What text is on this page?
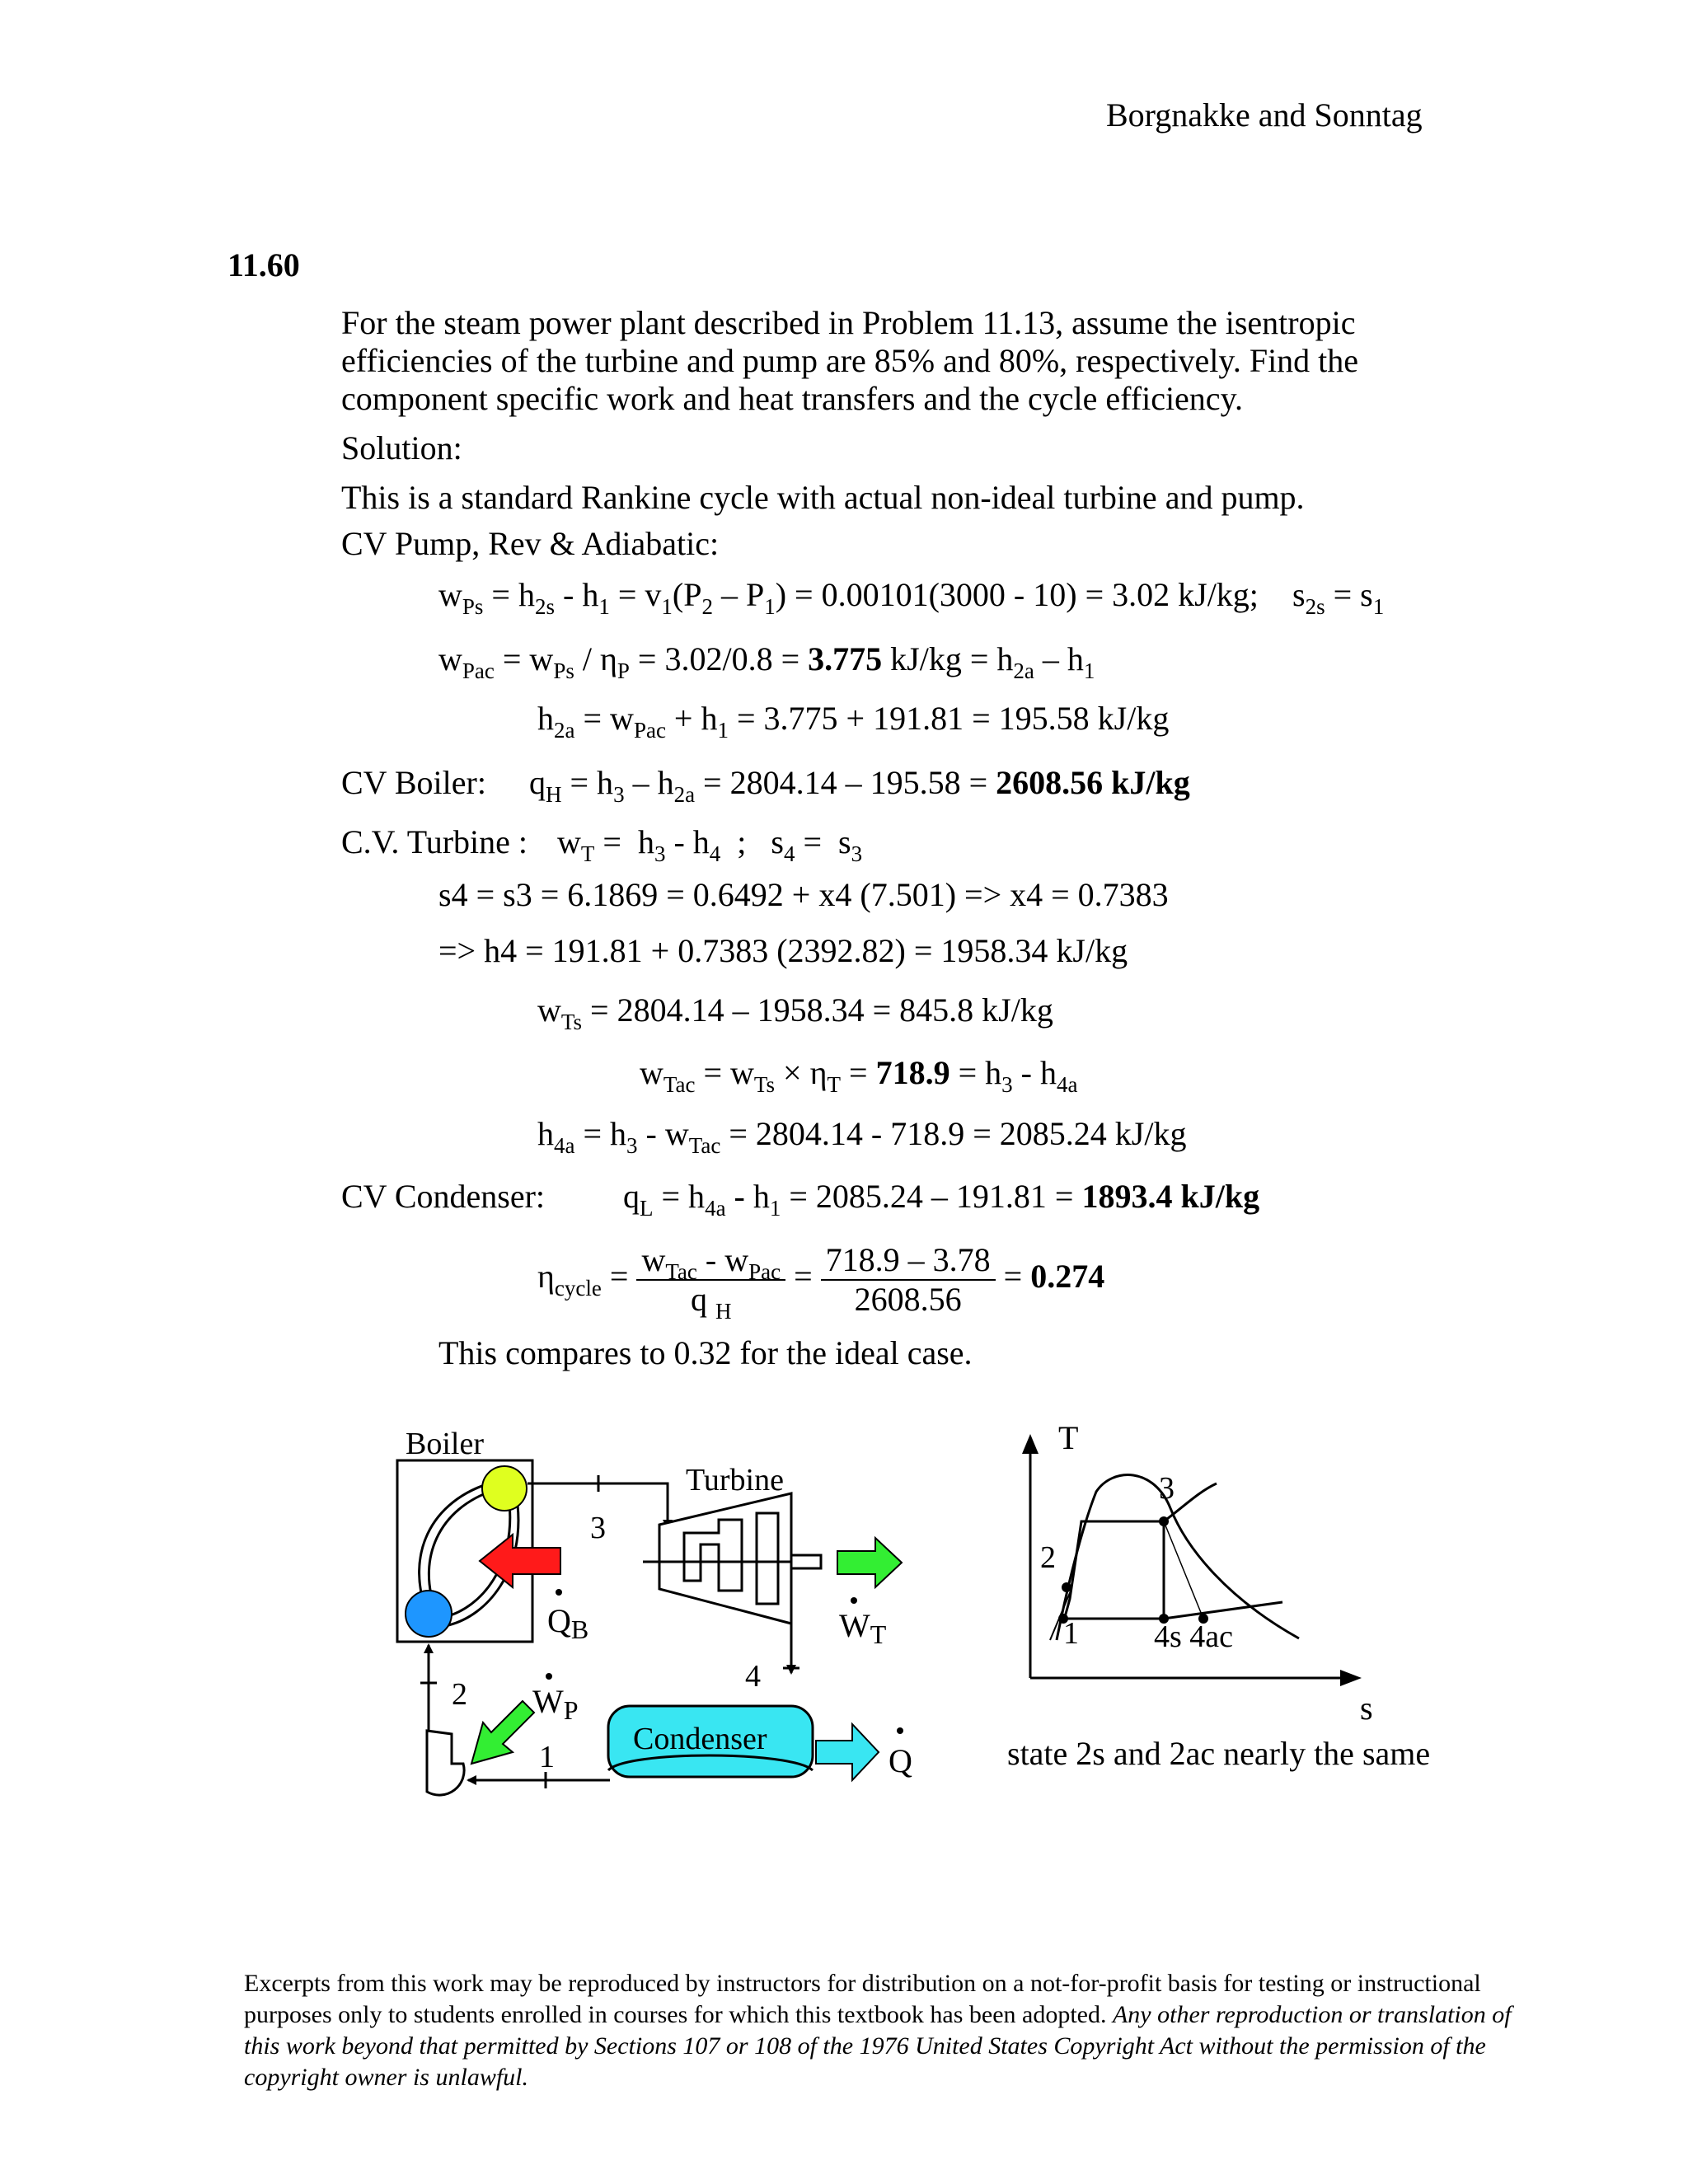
Borgnakke and Sonntag
11.60
For the steam power plant described in Problem 11.13, assume the isentropic
efficiencies of the turbine and pump are 85% and 80%, respectively. Find the
component specific work and heat transfers and the cycle efficiency.
Solution:
This is a standard Rankine cycle with actual non-ideal turbine and pump.
CV Pump, Rev & Adiabatic:
$w_{Ps} = h_{2s} - h_1 = v_1(P_2 - P_1) = 0.00101(3000 - 10) = 3.02$ kJ/kg; $s_{2s} = s_1$
$w_{Pac} = w_{Ps} / \eta_P = 3.02/0.8 = 3.775$ $kJ/kg = h_{2a} - h_1$
$h_{2a} = w_{Pac} + h_1 = 3.775 + 191.81 = 195.58$ kJ/kg
CV Boiler: $q_H = h_3 - h_{2a} = 2804.14 - 195.58 = 2608.56$ kJ/kg
C.V. Turbine : $w_T = h_3 - h_4$  ;   $s_4 = s_3$
s4 = s3 = 6.1869 = 0.6492 + x4 (7.501) => x4 = 0.7383
=> h4 = 191.81 + 0.7383 (2392.82) = 1958.34 kJ/kg
$w_{Ts} = 2804.14 - 1958.34 = 845.8$ kJ/kg
$w_{Tac} = w_{Ts} \times \eta_T = 718.9 = h_3 - h_{4a}$
$h_{4a} = h_3 - w_{Tac} = 2804.14 - 718.9 = 2085.24$ kJ/kg
CV Condenser: $q_L = h_{4a} - h_1 = 2085.24 - 191.81 = 1893.4$ kJ/kg
$\eta_{cycle} = \frac{w_{Tac} - w_{Pac}}{q _H} = \frac{718.9 - 3.78}{2608.56} = 0.274$
This compares to 0.32 for the ideal case.
Boiler
Turbine
Condenser
3
2
4
1
$Q_B$	$W_T$
$W_P$
Q
T
s
3
2
1 4s 4ac
state 2s and 2ac nearly the same
Excerpts from this work may be reproduced by instructors for distribution on a not-for-profit basis for testing or instructional purposes only to students enrolled in courses for which this textbook has been adopted. Any other reproduction or translation of this work beyond that permitted by Sections 107 or 108 of the 1976 United States Copyright Act without the permission of the copyright owner is unlawful.
